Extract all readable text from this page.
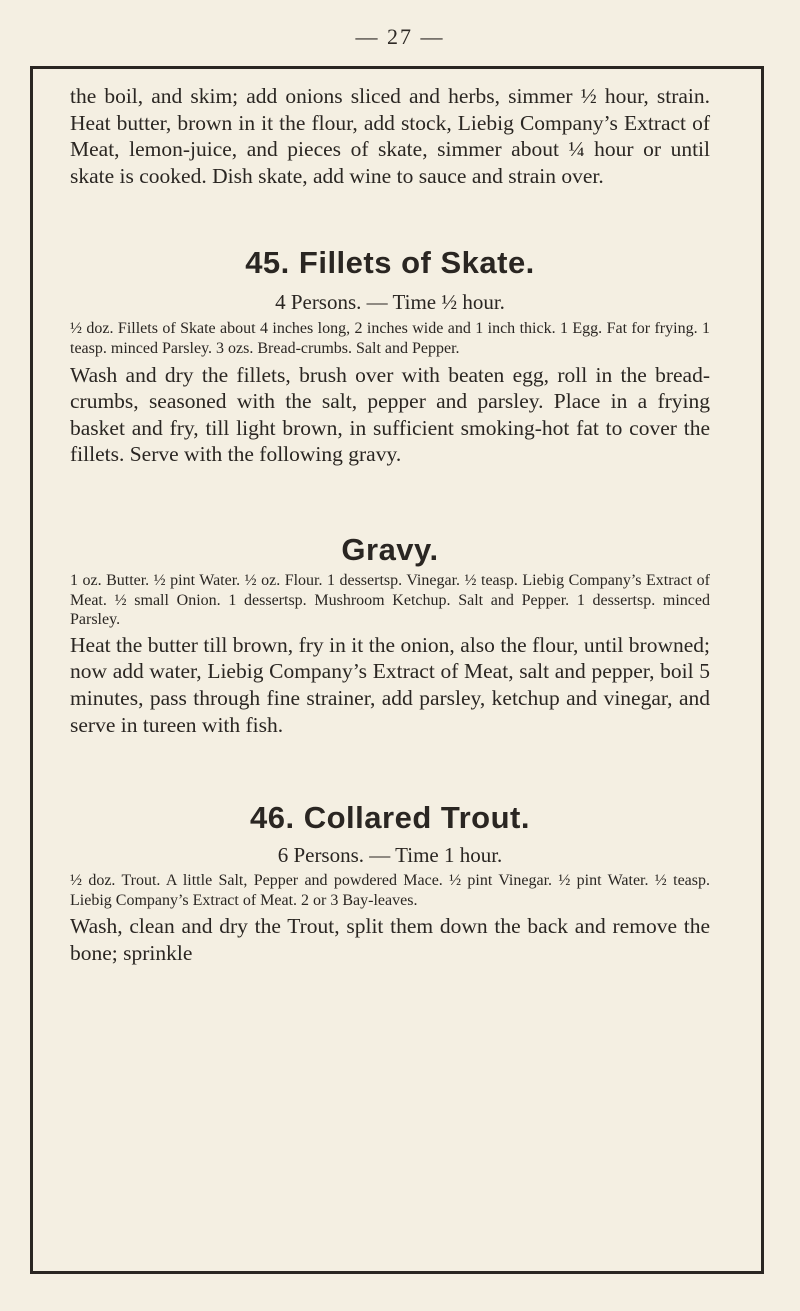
— 27 —

the boil, and skim; add onions sliced and herbs, simmer ½ hour, strain. Heat butter, brown in it the flour, add stock, Liebig Company’s Extract of Meat, lemon-juice, and pieces of skate, simmer about ¼ hour or until skate is cooked. Dish skate, add wine to sauce and strain over.

45. Fillets of Skate.

4 Persons. — Time ½ hour.

½ doz. Fillets of Skate about 4 inches long, 2 inches wide and 1 inch thick. 1 Egg. Fat for frying. 1 teasp. minced Parsley. 3 ozs. Bread-crumbs. Salt and Pepper.

Wash and dry the fillets, brush over with beaten egg, roll in the bread-crumbs, seasoned with the salt, pepper and parsley. Place in a frying basket and fry, till light brown, in sufficient smoking-hot fat to cover the fillets. Serve with the following gravy.

Gravy.

1 oz. Butter. ½ pint Water. ½ oz. Flour. 1 dessertsp. Vinegar. ½ teasp. Liebig Company’s Extract of Meat. ½ small Onion. 1 dessertsp. Mushroom Ketchup. Salt and Pepper. 1 dessertsp. minced Parsley.

Heat the butter till brown, fry in it the onion, also the flour, until browned; now add water, Liebig Company’s Extract of Meat, salt and pepper, boil 5 minutes, pass through fine strainer, add parsley, ketchup and vinegar, and serve in tureen with fish.

46. Collared Trout.

6 Persons. — Time 1 hour.

½ doz. Trout. A little Salt, Pepper and powdered Mace. ½ pint Vinegar. ½ pint Water. ½ teasp. Liebig Company’s Extract of Meat. 2 or 3 Bay-leaves.

Wash, clean and dry the Trout, split them down the back and remove the bone; sprinkle
